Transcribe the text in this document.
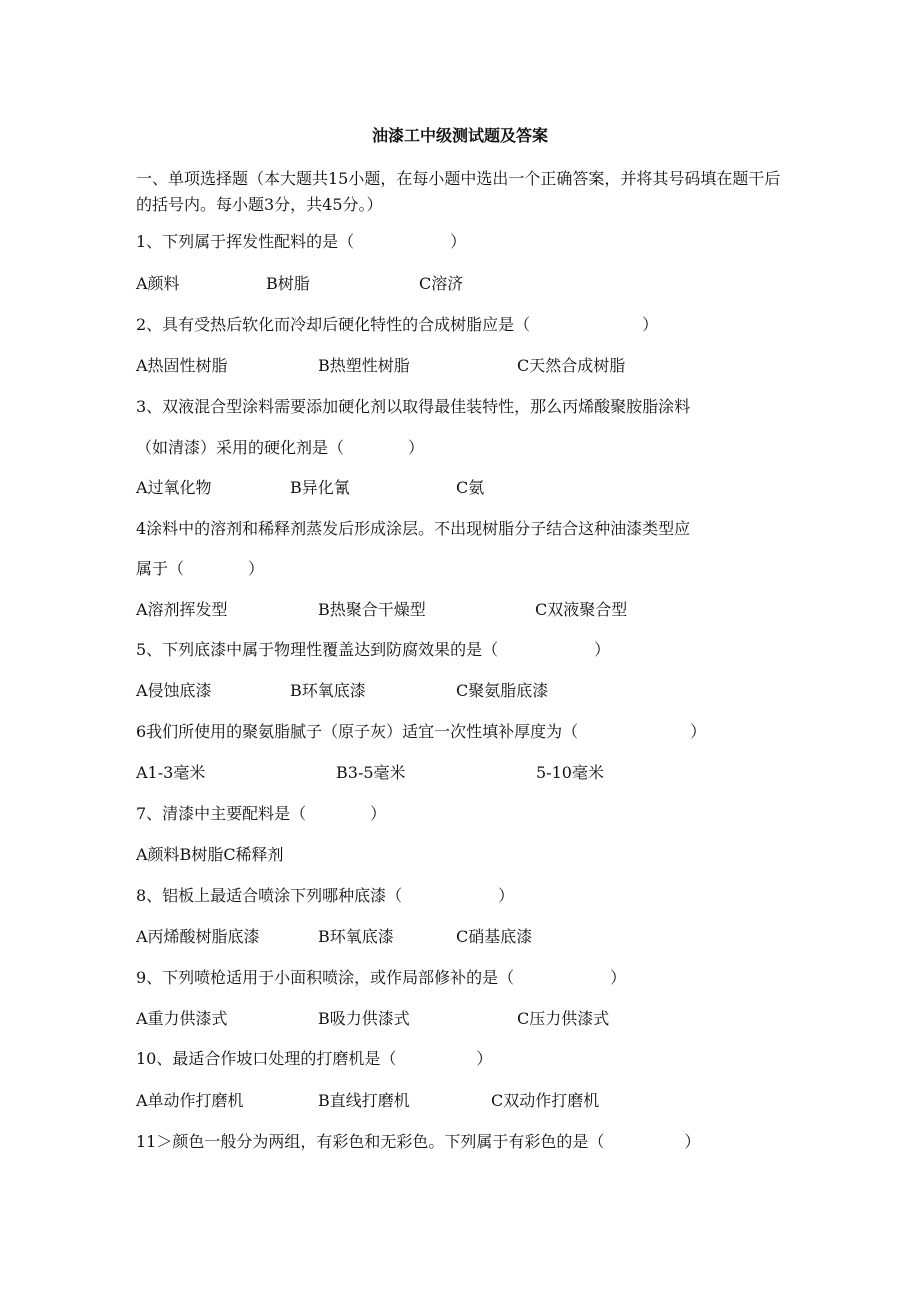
油漆工中级测试题及答案
一、单项选择题（本大题共15小题，在每小题中选出一个正确答案，并将其号码填在题干后的括号内。每小题3分，共45分。）
1、下列属于挥发性配料的是（　　　　　　）
A颜料	B树脂	C溶济
2、具有受热后软化而冷却后硬化特性的合成树脂应是（　　　　　　　）
A热固性树脂	B热塑性树脂	C天然合成树脂
3、双液混合型涂料需要添加硬化剂以取得最佳装特性，那么丙烯酸聚胺脂涂料
（如清漆）采用的硬化剂是（　　　　）
A过氧化物	B异化氰	C氨
4涂料中的溶剂和稀释剂蒸发后形成涂层。不出现树脂分子结合这种油漆类型应
属于（　　　　）
A溶剂挥发型	B热聚合干燥型	C双液聚合型
5、下列底漆中属于物理性覆盖达到防腐效果的是（　　　　　　）
A侵蚀底漆	B环氧底漆	C聚氨脂底漆
6我们所使用的聚氨脂腻子（原子灰）适宜一次性填补厚度为（　　　　　　　）
A1-3毫米	B3-5毫米	5-10毫米
7、清漆中主要配料是（　　　　）
A颜料B树脂C稀释剂
8、铝板上最适合喷涂下列哪种底漆（　　　　　　）
A丙烯酸树脂底漆	B环氧底漆	C硝基底漆
9、下列喷枪适用于小面积喷涂，或作局部修补的是（　　　　　　）
A重力供漆式	B吸力供漆式	C压力供漆式
10、最适合作坡口处理的打磨机是（　　　　　）
A单动作打磨机	B直线打磨机	C双动作打磨机
11＞颜色一般分为两组，有彩色和无彩色。下列属于有彩色的是（　　　　　）
